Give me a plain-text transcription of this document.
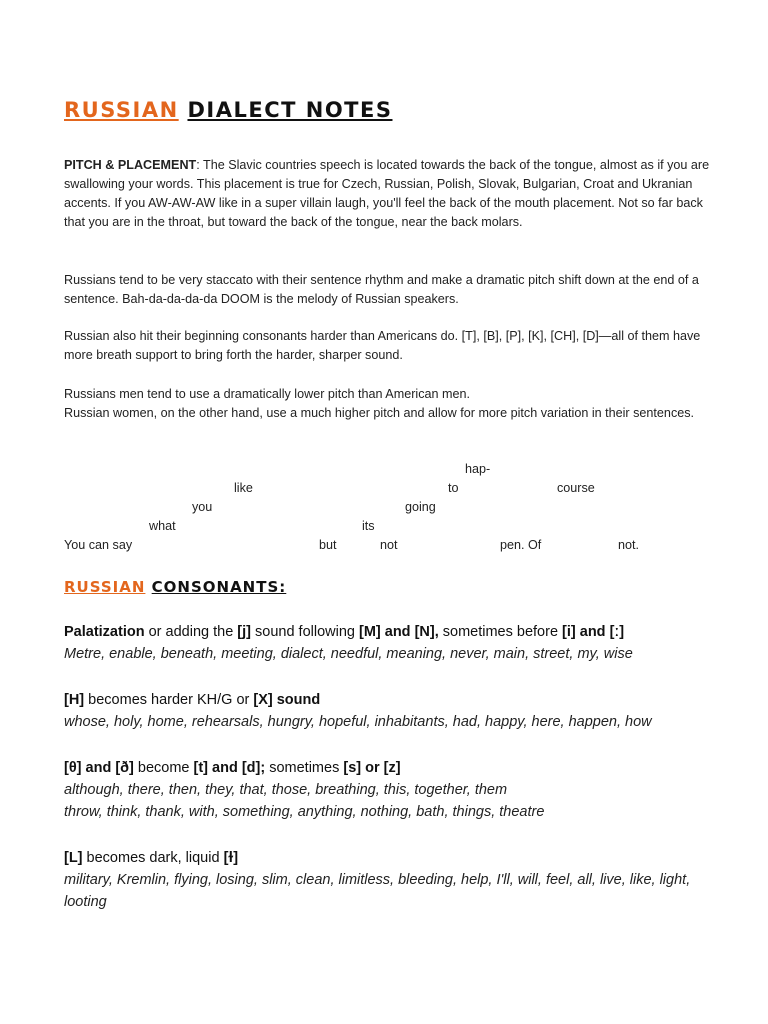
RUSSIAN DIALECT NOTES

PITCH & PLACEMENT: The Slavic countries speech is located towards the back of the tongue, almost as if you are swallowing your words. This placement is true for Czech, Russian, Polish, Slovak, Bulgarian, Croat and Ukranian accents. If you AW-AW-AW like in a super villain laugh, you'll feel the back of the mouth placement. Not so far back that you are in the throat, but toward the back of the tongue, near the back molars.

Russians tend to be very staccato with their sentence rhythm and make a dramatic pitch shift down at the end of a sentence. Bah-da-da-da-da DOOM is the melody of Russian speakers.

Russian also hit their beginning consonants harder than Americans do. [T], [B], [P], [K], [CH], [D]—all of them have more breath support to bring forth the harder, sharper sound.

Russians men tend to use a dramatically lower pitch than American men.
Russian women, on the other hand, use a much higher pitch and allow for more pitch variation in their sentences.
hap-
like	to	course
you	going
what	its
You can say	but	not	pen. Of	not.
RUSSIAN CONSONANTS:
Palatization or adding the [j] sound following [M] and [N], sometimes before [i] and [ː]
Metre, enable, beneath, meeting, dialect, needful, meaning, never, main, street, my, wise
[H] becomes harder KH/G or [X] sound
whose, holy, home, rehearsals, hungry, hopeful, inhabitants, had, happy, here, happen, how
[θ] and [ð] become [t] and [d]; sometimes [s] or [z]
although, there, then, they, that, those, breathing, this, together, them
throw, think, thank, with, something, anything, nothing, bath, things, theatre
[L] becomes dark, liquid [ɫ]
military, Kremlin, flying, losing, slim, clean, limitless, bleeding, help, I'll, will, feel, all, live, like, light, looting
